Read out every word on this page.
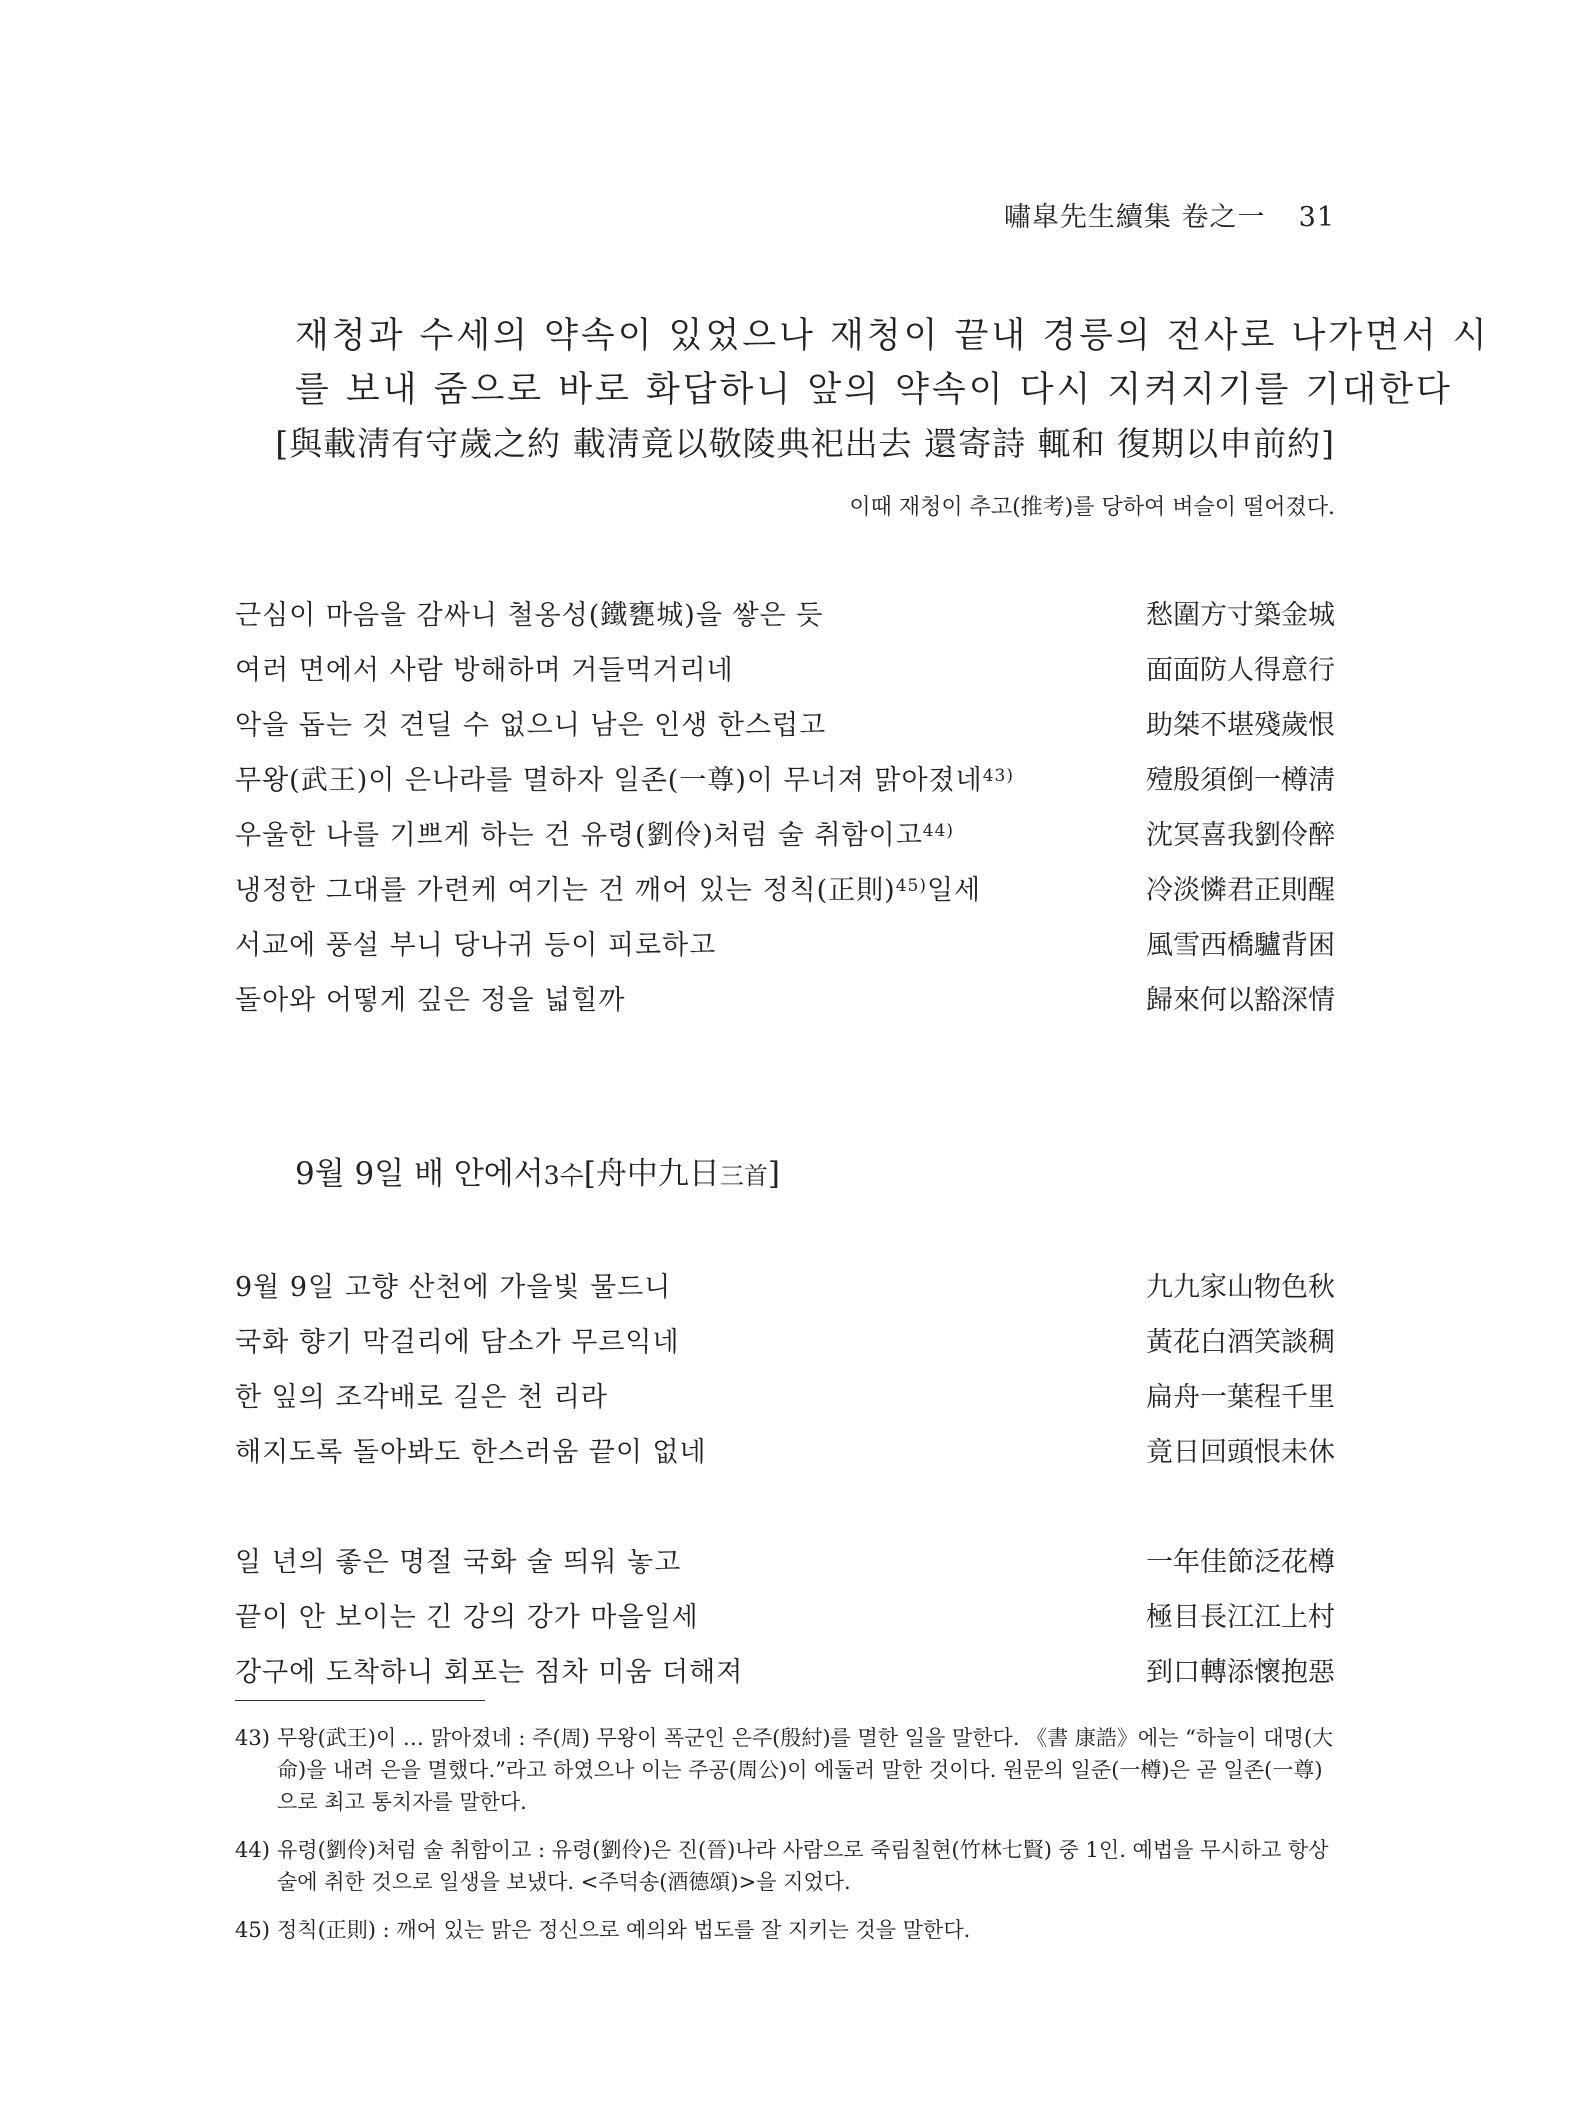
嘯皐先生續集 卷之一 31
재청과 수세의 약속이 있었으나 재청이 끝내 경릉의 전사로 나가면서 시
를 보내 줌으로 바로 화답하니 앞의 약속이 다시 지켜지기를 기대한다
[與載淸有守歲之約 載淸竟以敬陵典祀出去 還寄詩 輒和 復期以申前約]
이때 재청이 추고(推考)를 당하여 벼슬이 떨어졌다.
근심이 마음을 감싸니 철옹성(鐵甕城)을 쌓은 듯	愁圍方寸築金城
여러 면에서 사람 방해하며 거들먹거리네	面面防人得意行
악을 돕는 것 견딜 수 없으니 남은 인생 한스럽고	助桀不堪殘歲恨
무왕(武王)이 은나라를 멸하자 일존(一尊)이 무너져 맑아졌네$^{43)}$	殪殷須倒一樽淸
우울한 나를 기쁘게 하는 건 유령(劉伶)처럼 술 취함이고$^{44)}$	沈冥喜我劉伶醉
냉정한 그대를 가련케 여기는 건 깨어 있는 정칙(正則)$^{45)}$일세	冷淡憐君正則醒
서교에 풍설 부니 당나귀 등이 피로하고	風雪西橋驢背困
돌아와 어떻게 깊은 정을 넓힐까	歸來何以豁深情
9월 9일 배 안에서3수[舟中九日三首]
9월 9일 고향 산천에 가을빛 물드니	九九家山物色秋
국화 향기 막걸리에 담소가 무르익네	黃花白酒笑談稠
한 잎의 조각배로 길은 천 리라	扁舟一葉程千里
해지도록 돌아봐도 한스러움 끝이 없네	竟日回頭恨未休
일 년의 좋은 명절 국화 술 띄워 놓고	一年佳節泛花樽
끝이 안 보이는 긴 강의 강가 마을일세	極目長江江上村
강구에 도착하니 회포는 점차 미움 더해져	到口轉添懷抱惡
43) 무왕(武王)이 … 맑아졌네 : 주(周) 무왕이 폭군인 은주(殷紂)를 멸한 일을 말한다. 《書 康誥》에는 “하늘이 대명(大命)을 내려 은을 멸했다.”라고 하였으나 이는 주공(周公)이 에둘러 말한 것이다. 원문의 일준(一樽)은 곧 일존(一尊)으로 최고 통치자를 말한다.
44) 유령(劉伶)처럼 술 취함이고 : 유령(劉伶)은 진(晉)나라 사람으로 죽림칠현(竹林七賢) 중 1인. 예법을 무시하고 항상 술에 취한 것으로 일생을 보냈다. <주덕송(酒德頌)>을 지었다.
45) 정칙(正則) : 깨어 있는 맑은 정신으로 예의와 법도를 잘 지키는 것을 말한다.
